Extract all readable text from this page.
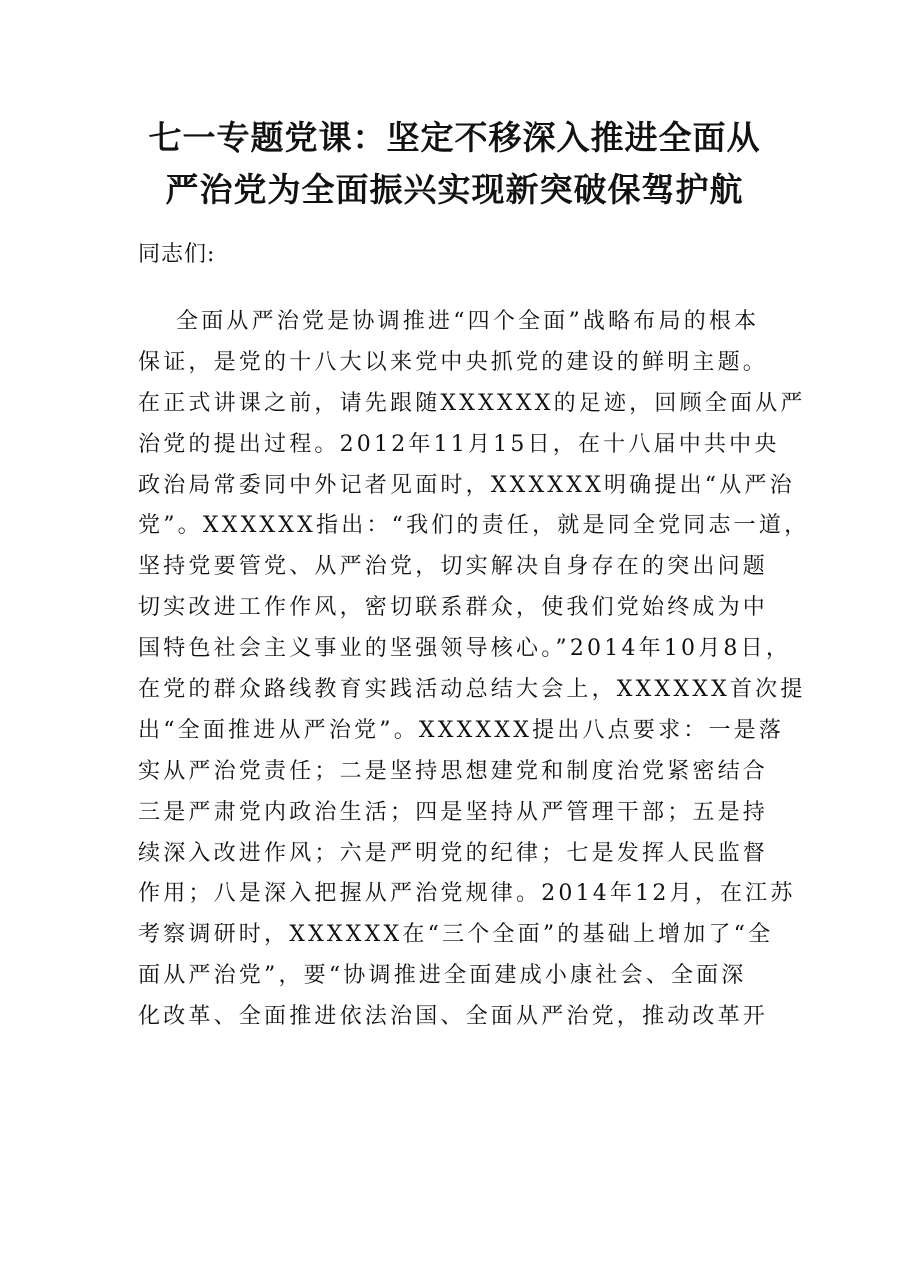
七一专题党课：坚定不移深入推进全面从
严治党为全面振兴实现新突破保驾护航
同志们:
全面从严治党是协调推进“四个全面”战略布局的根本
保证，是党的十八大以来党中央抓党的建设的鲜明主题。
在正式讲课之前，请先跟随XXXXXX的足迹，回顾全面从严
治党的提出过程。2012年11月15日，在十八届中共中央
政治局常委同中外记者见面时，XXXXXX明确提出“从严治
党”。XXXXXX指出：“我们的责任，就是同全党同志一道，
坚持党要管党、从严治党，切实解决自身存在的突出问题
切实改进工作作风，密切联系群众，使我们党始终成为中
国特色社会主义事业的坚强领导核心。”2014年10月8日，
在党的群众路线教育实践活动总结大会上，XXXXXX首次提
出“全面推进从严治党”。XXXXXX提出八点要求：一是落
实从严治党责任；二是坚持思想建党和制度治党紧密结合
三是严肃党内政治生活；四是坚持从严管理干部；五是持
续深入改进作风；六是严明党的纪律；七是发挥人民监督
作用；八是深入把握从严治党规律。2014年12月，在江苏
考察调研时，XXXXXX在“三个全面”的基础上增加了“全
面从严治党”，要“协调推进全面建成小康社会、全面深
化改革、全面推进依法治国、全面从严治党，推动改革开
